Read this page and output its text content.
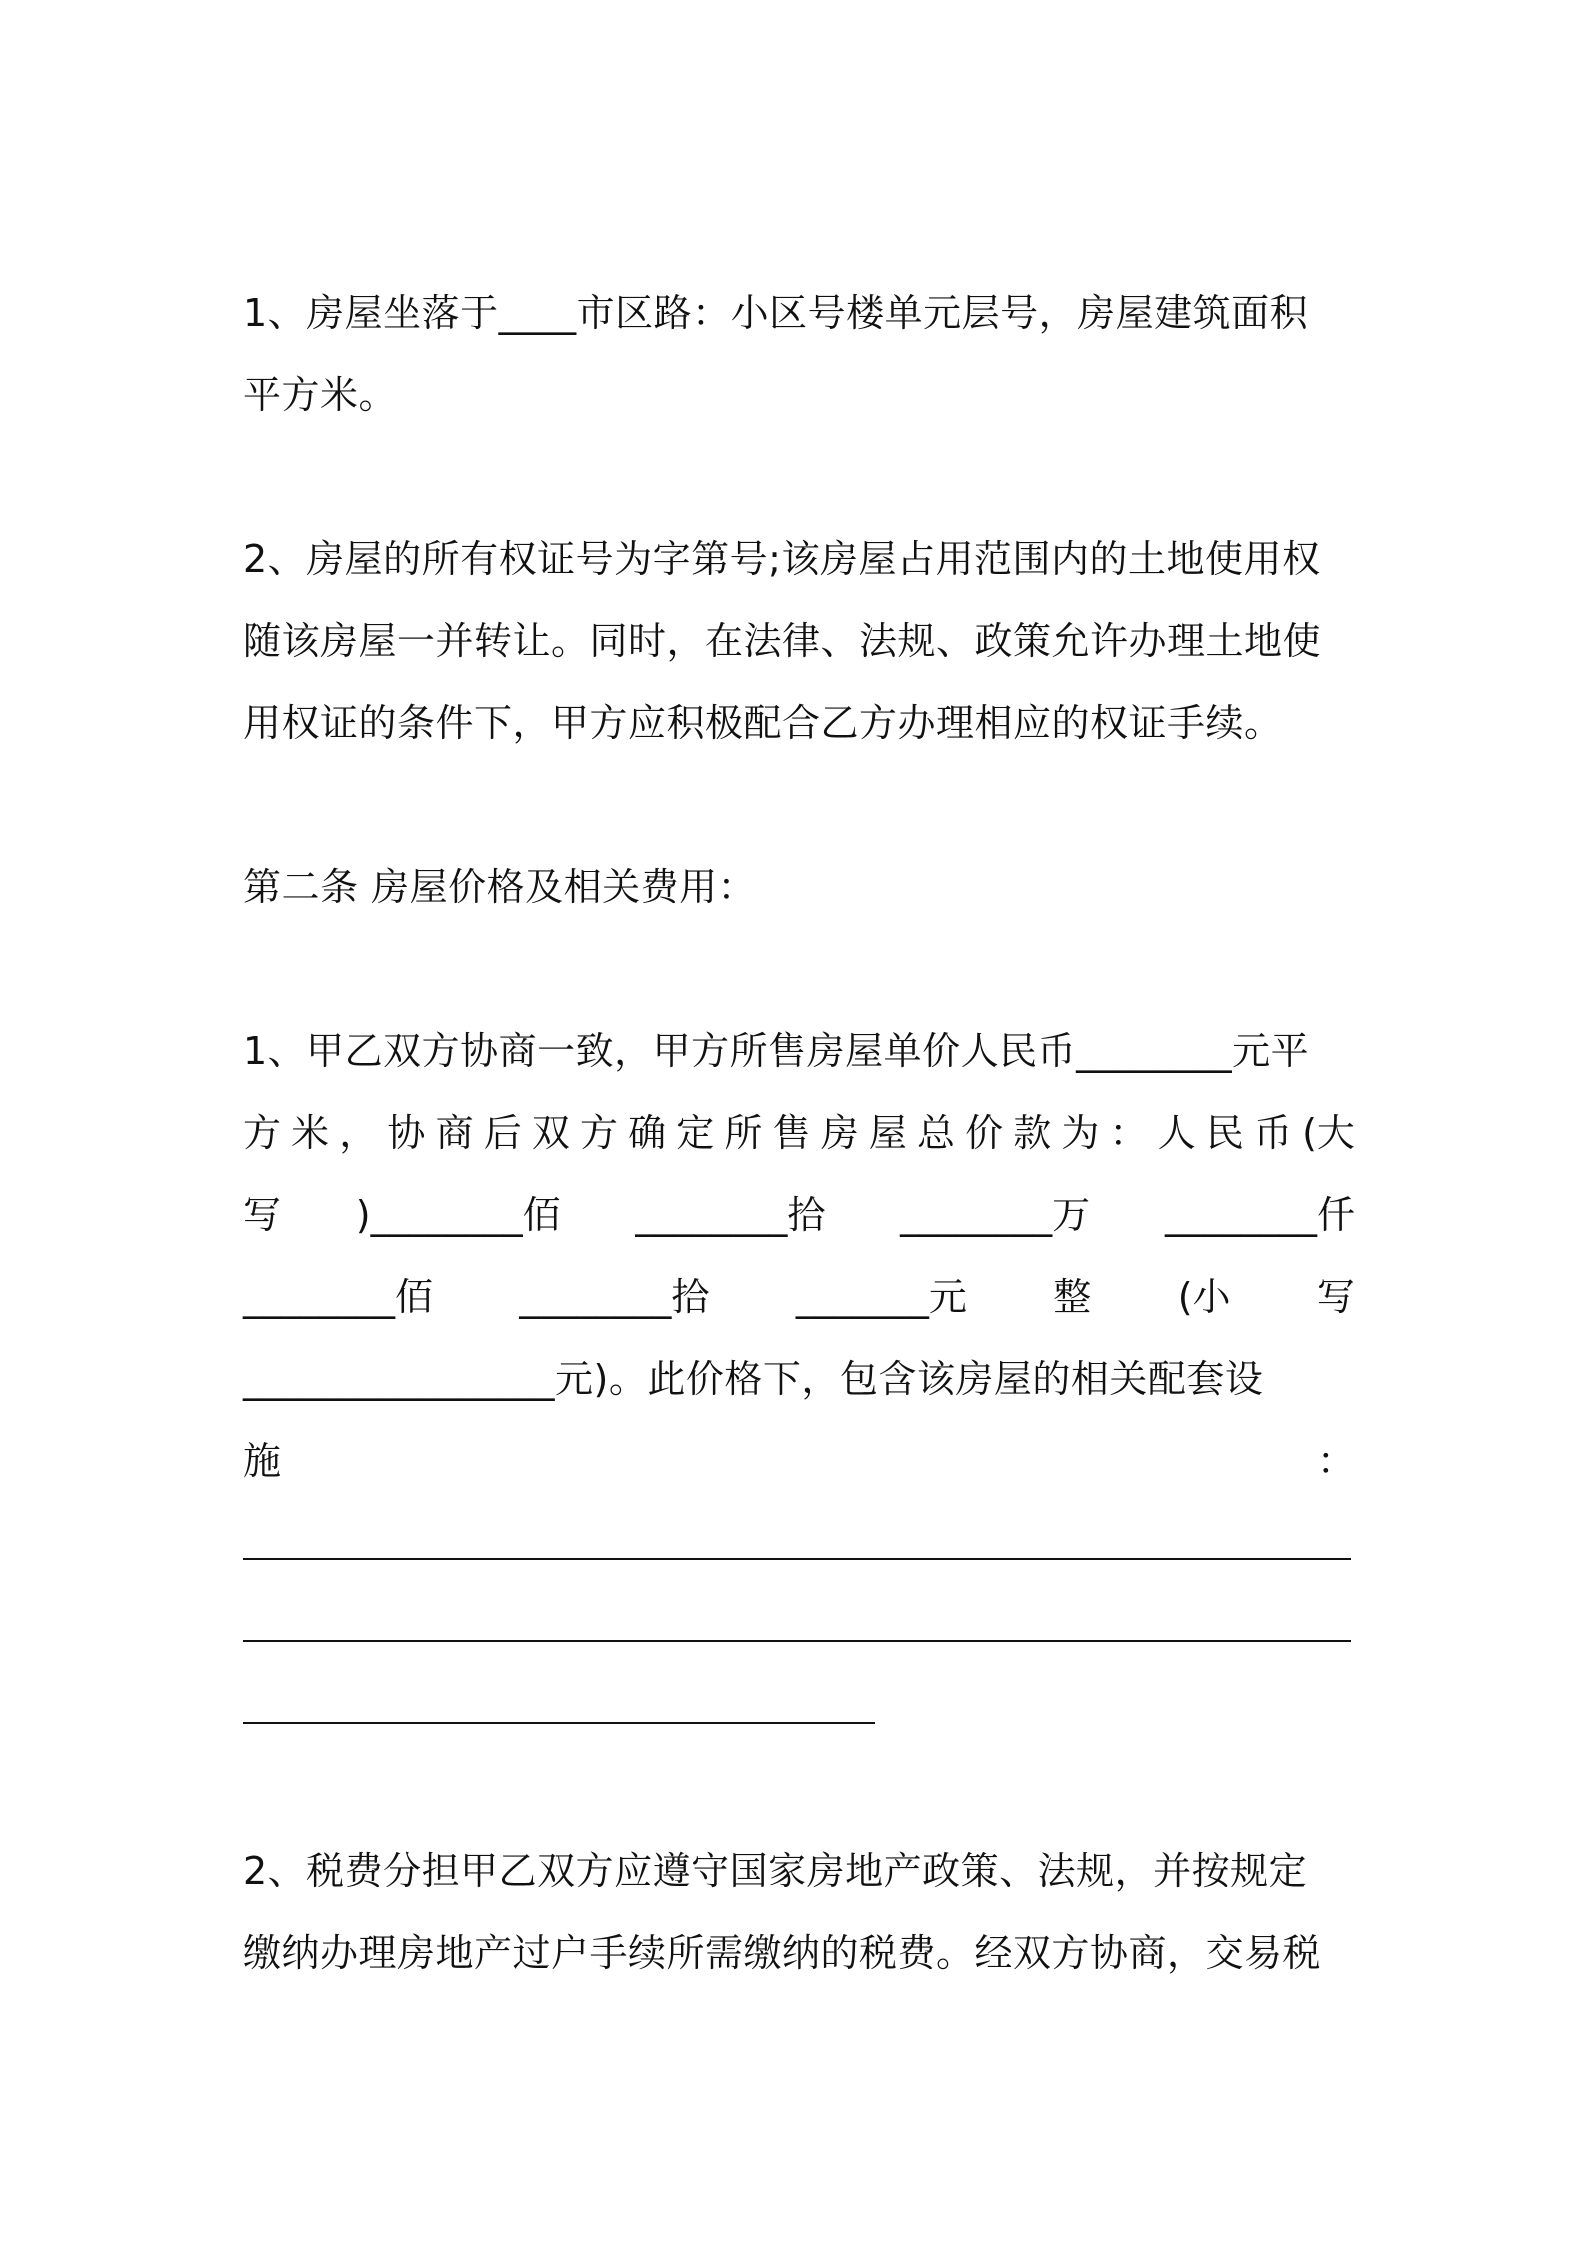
1、房屋坐落于____市区路：小区号楼单元层号，房屋建筑面积
平方米。
2、房屋的所有权证号为字第号;该房屋占用范围内的土地使用权
随该房屋一并转让。同时，在法律、法规、政策允许办理土地使
用权证的条件下，甲方应积极配合乙方办理相应的权证手续。
第二条 房屋价格及相关费用：
1、甲乙双方协商一致，甲方所售房屋单价人民币________元平
方 米 ， 协 商 后 双 方 确 定 所 售 房 屋 总 价 款 为 ： 人 民 币 (大
写 )________佰 ________拾 ________万 ________仟
________佰 ________拾 _______元 整 (小 写
________________元)。此价格下，包含该房屋的相关配套设
施	：
2、税费分担甲乙双方应遵守国家房地产政策、法规，并按规定
缴纳办理房地产过户手续所需缴纳的税费。经双方协商，交易税
